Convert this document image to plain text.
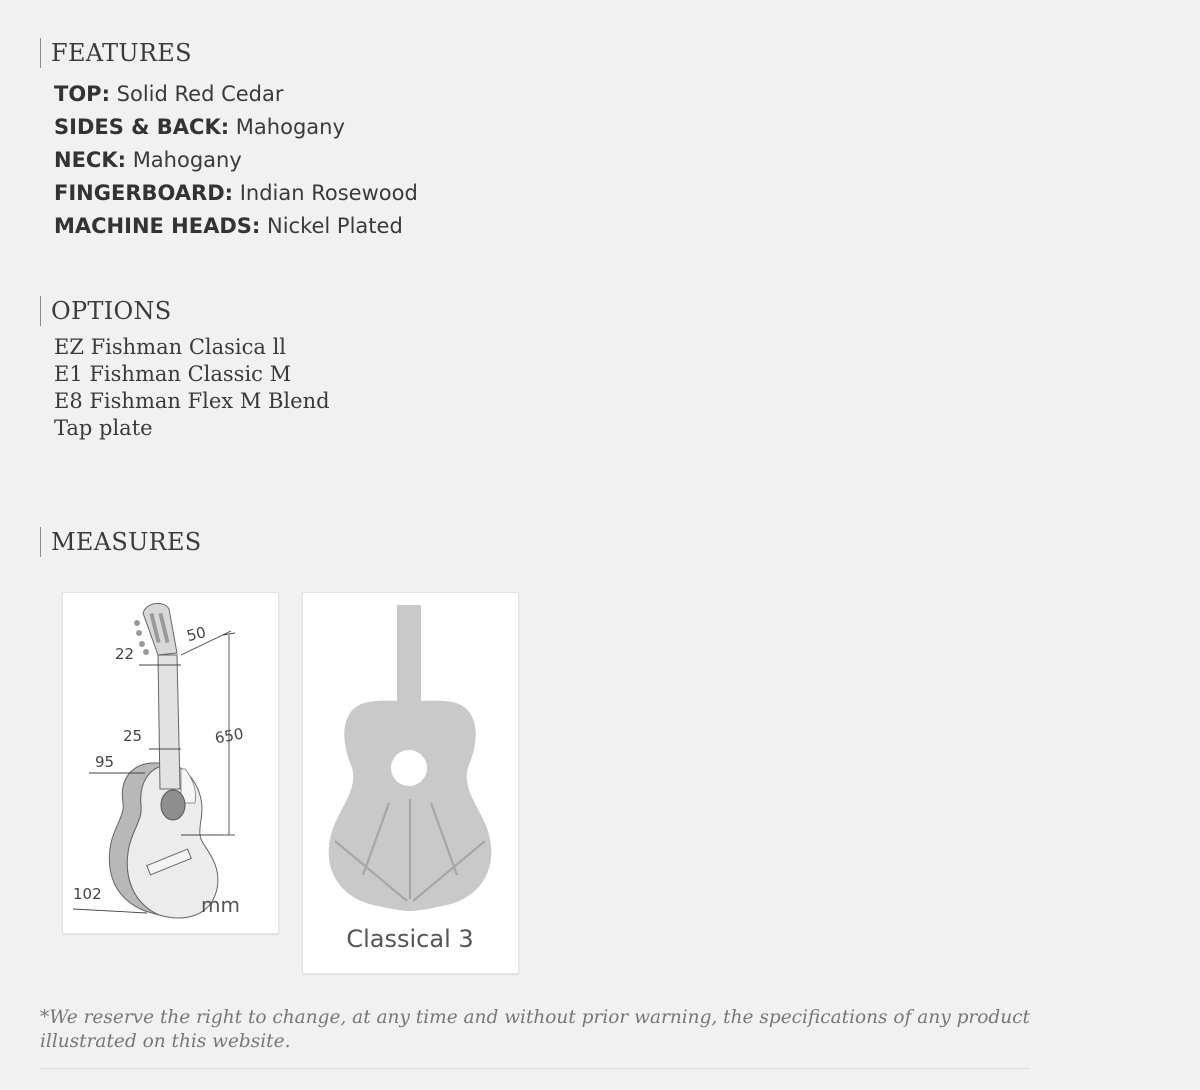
FEATURES
TOP: Solid Red Cedar
SIDES & BACK: Mahogany
NECK: Mahogany
FINGERBOARD: Indian Rosewood
MACHINE HEADS: Nickel Plated
OPTIONS
EZ Fishman Clasica ll
E1 Fishman Classic M
E8 Fishman Flex M Blend
Tap plate
MEASURES
50
22
25
95
650
102	mm
Classical 3
*We reserve the right to change, at any time and without prior warning, the specifications of any product illustrated on this website.
